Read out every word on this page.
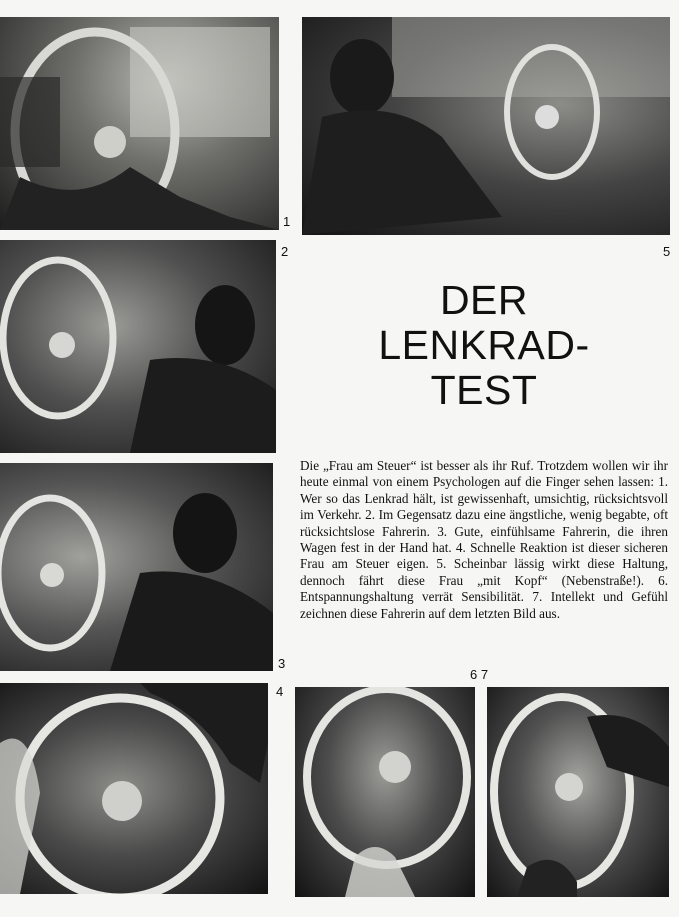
1
5
2
DER
LENKRAD-
TEST
3
Die „Frau am Steuer“ ist besser als ihr Ruf. Trotzdem wollen wir ihr heute einmal von einem Psychologen auf die Finger sehen lassen: 1. Wer so das Lenkrad hält, ist gewissenhaft, umsichtig, rücksichtsvoll im Verkehr. 2. Im Gegensatz dazu eine ängstliche, wenig begabte, oft rücksichtslose Fahrerin. 3. Gute, einfühlsame Fahrerin, die ihren Wagen fest in der Hand hat. 4. Schnelle Reaktion ist dieser sicheren Frau am Steuer eigen. 5. Scheinbar lässig wirkt diese Haltung, dennoch fährt diese Frau „mit Kopf“ (Nebenstraße!). 6. Entspannungshaltung verrät Sensibilität. 7. Intellekt und Gefühl zeichnen diese Fahrerin auf dem letzten Bild aus.
4
6 7
